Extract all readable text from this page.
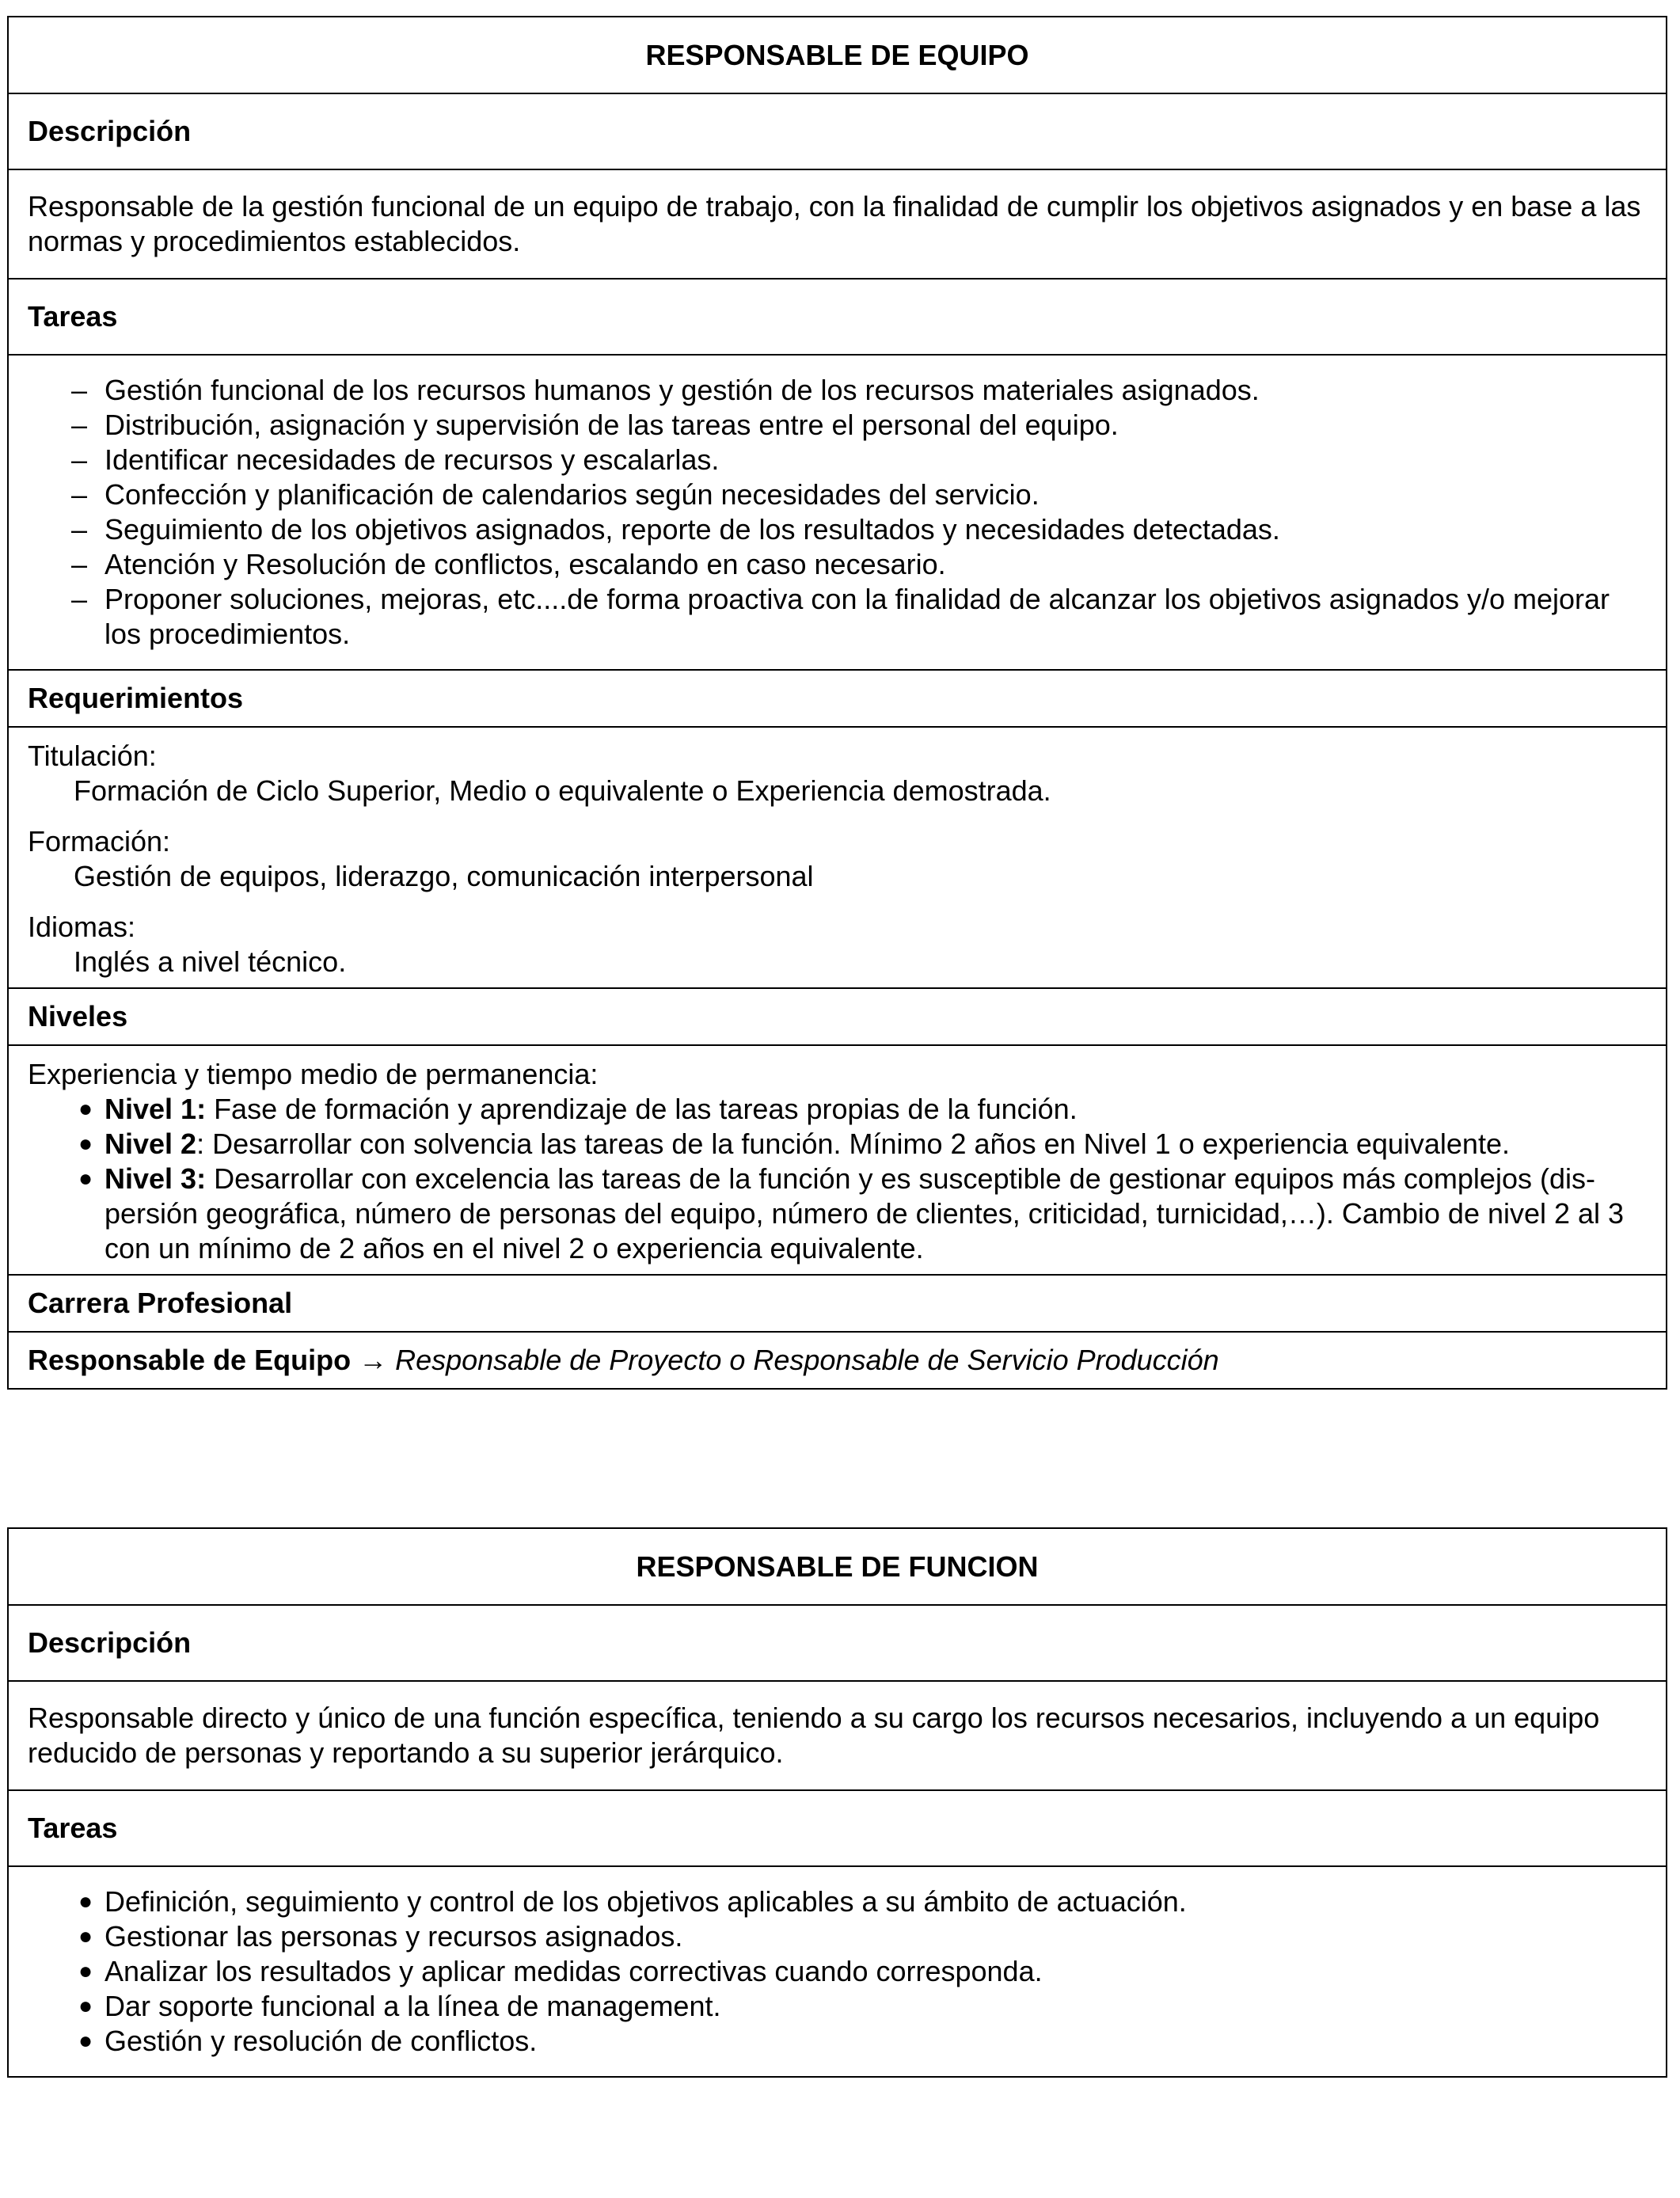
RESPONSABLE DE EQUIPO
Descripción
Responsable de la gestión funcional de un equipo de trabajo, con la finalidad de cumplir los objetivos asignados y en base a las normas y procedimientos establecidos.
Tareas
– Gestión funcional de los recursos humanos y gestión de los recursos materiales asignados.
– Distribución, asignación y supervisión de las tareas entre el personal del equipo.
– Identificar necesidades de recursos y escalarlas.
– Confección y planificación de calendarios según necesidades del servicio.
– Seguimiento de los objetivos asignados, reporte de los resultados y necesidades detectadas.
– Atención y Resolución de conflictos, escalando en caso necesario.
– Proponer soluciones, mejoras, etc....de forma proactiva con la finalidad de alcanzar los objetivos asignados y/o mejorar los procedimientos.
Requerimientos
Titulación:
Formación de Ciclo Superior, Medio o equivalente o Experiencia demostrada.
Formación:
Gestión de equipos, liderazgo, comunicación interpersonal
Idiomas:
Inglés a nivel técnico.
Niveles
Experiencia y tiempo medio de permanencia:
● Nivel 1: Fase de formación y aprendizaje de las tareas propias de la función.
● Nivel 2: Desarrollar con solvencia las tareas de la función. Mínimo 2 años en Nivel 1 o experiencia equivalente.
● Nivel 3: Desarrollar con excelencia las tareas de la función y es susceptible de gestionar equipos más complejos (dis-persión geográfica, número de personas del equipo, número de clientes, criticidad, turnicidad,…). Cambio de nivel 2 al 3 con un mínimo de 2 años en el nivel 2 o experiencia equivalente.
Carrera Profesional
Responsable de Equipo → Responsable de Proyecto o Responsable de Servicio Producción
RESPONSABLE DE FUNCION
Descripción
Responsable directo y único de una función específica, teniendo a su cargo los recursos necesarios, incluyendo a un equipo reducido de personas y reportando a su superior jerárquico.
Tareas
● Definición, seguimiento y control de los objetivos aplicables a su ámbito de actuación.
● Gestionar las personas y recursos asignados.
● Analizar los resultados y aplicar medidas correctivas cuando corresponda.
● Dar soporte funcional a la línea de management.
● Gestión y resolución de conflictos.
